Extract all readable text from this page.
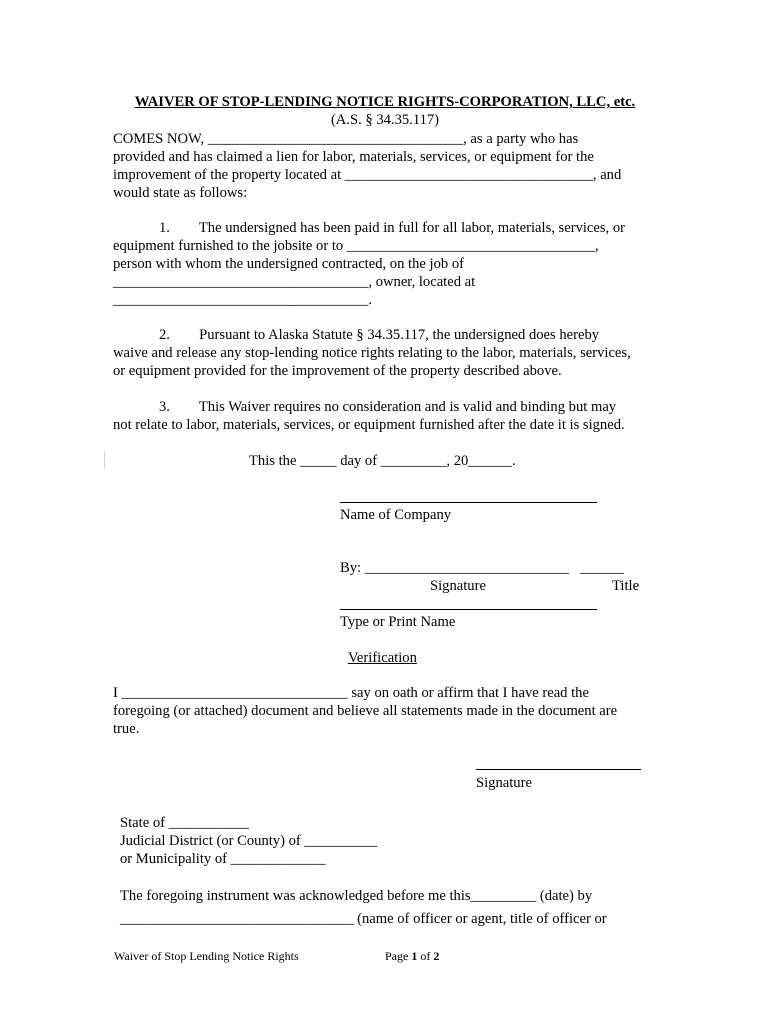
WAIVER OF STOP-LENDING NOTICE RIGHTS-CORPORATION, LLC, etc.
(A.S. § 34.35.117)
COMES NOW, ___________________________________, as a party who has
provided and has claimed a lien for labor, materials, services, or equipment for the
improvement of the property located at __________________________________, and
would state as follows:
1.        The undersigned has been paid in full for all labor, materials, services, or
equipment furnished to the jobsite or to __________________________________,
person with whom the undersigned contracted, on the job of
___________________________________, owner, located at
___________________________________.
2.        Pursuant to Alaska Statute § 34.35.117, the undersigned does hereby
waive and release any stop-lending notice rights relating to the labor, materials, services,
or equipment provided for the improvement of the property described above.
3.        This Waiver requires no consideration and is valid and binding but may
not relate to labor, materials, services, or equipment furnished after the date it is signed.
This the _____ day of _________, 20______.
Name of Company
By: ____________________________   ______
Signature	Title
Type or Print Name
Verification
I _______________________________ say on oath or affirm that I have read the
foregoing (or attached) document and believe all statements made in the document are
true.
Signature
State of ___________
Judicial District (or County) of __________
or Municipality of _____________
The foregoing instrument was acknowledged before me this_________ (date) by
________________________________ (name of officer or agent, title of officer or
Waiver of Stop Lending Notice Rights	Page 1 of 2
